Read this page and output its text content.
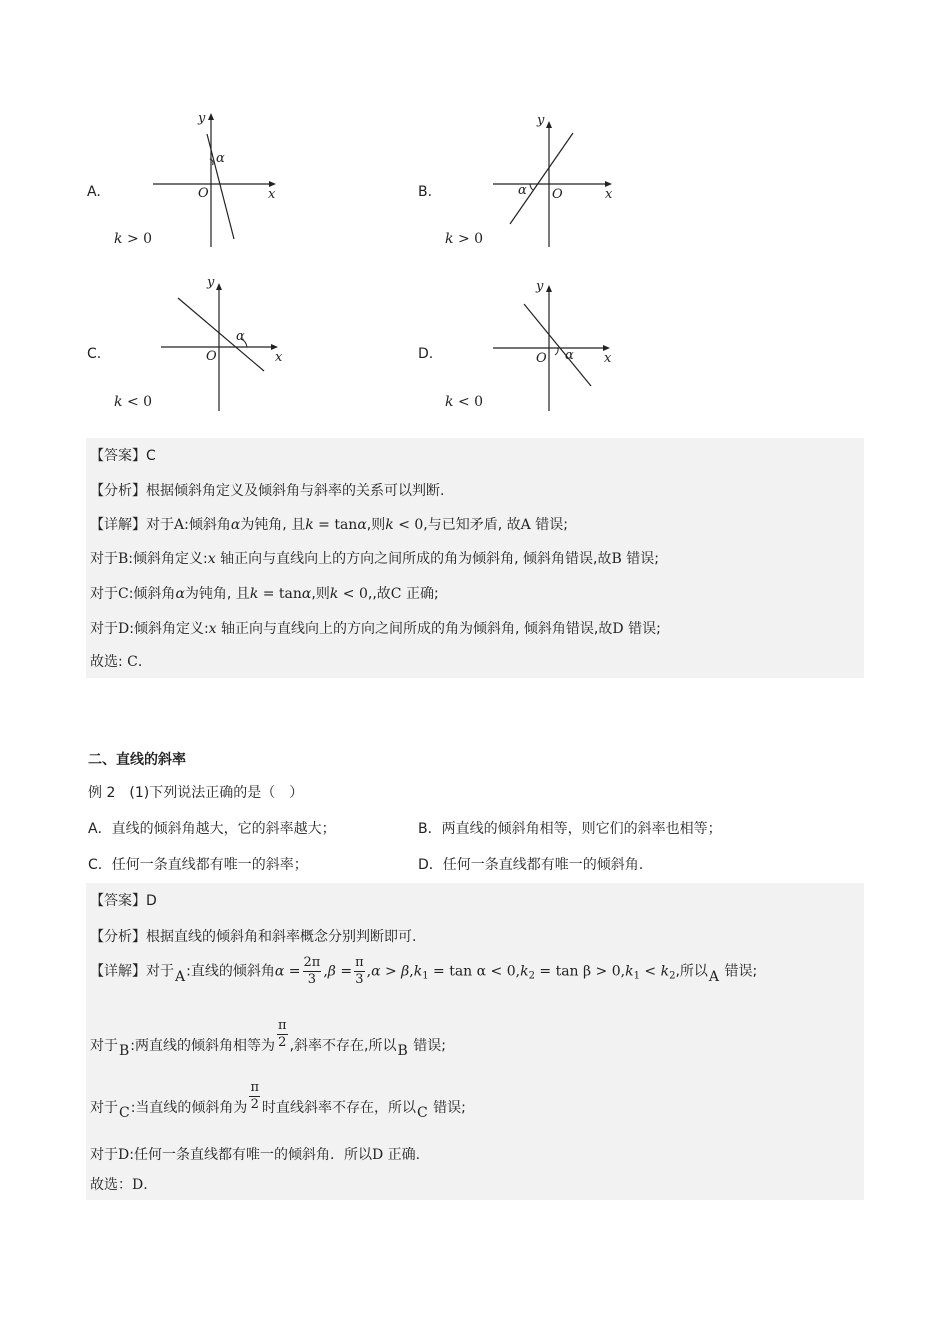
A.
y
α
O	x
k > 0
B.
y
α O	x
k > 0
C.
y
α
O	x
k < 0
D.
y
α
O	x
k < 0
【答案】C
【分析】根据倾斜角定义及倾斜角与斜率的关系可以判断.
【详解】对于A:倾斜角α为钝角, 且k = tanα,则k < 0,与已知矛盾, 故A 错误;
对于B:倾斜角定义:x 轴正向与直线向上的方向之间所成的角为倾斜角, 倾斜角错误,故B 错误;
对于C:倾斜角α为钝角, 且k = tanα,则k < 0,,故C 正确;
对于D:倾斜角定义:x 轴正向与直线向上的方向之间所成的角为倾斜角, 倾斜角错误,故D 错误;
故选: C.
二、直线的斜率
例 2　(1)下列说法正确的是（　）
A．直线的倾斜角越大，它的斜率越大；	B．两直线的倾斜角相等，则它们的斜率也相等；
C．任何一条直线都有唯一的斜率；	D．任何一条直线都有唯一的倾斜角.
【答案】D
【分析】根据直线的倾斜角和斜率概念分别判断即可.
【详解】对于A:直线的倾斜角$\alpha = \frac{2\pi}{3} ,\beta = \frac{\pi}{3} ,\alpha > \beta,k_1 = \tan \alpha < 0,k_2 = \tan \beta > 0,k_1 < k_2$,所以A 错误;
对于B:两直线的倾斜角相等为 $\frac{\pi}{2}$ ,斜率不存在,所以B 错误;
对于C:当直线的倾斜角为 $\frac{\pi}{2}$ 时直线斜率不存在，所以C 错误;
对于D:任何一条直线都有唯一的倾斜角．所以D 正确.
故选：D.
